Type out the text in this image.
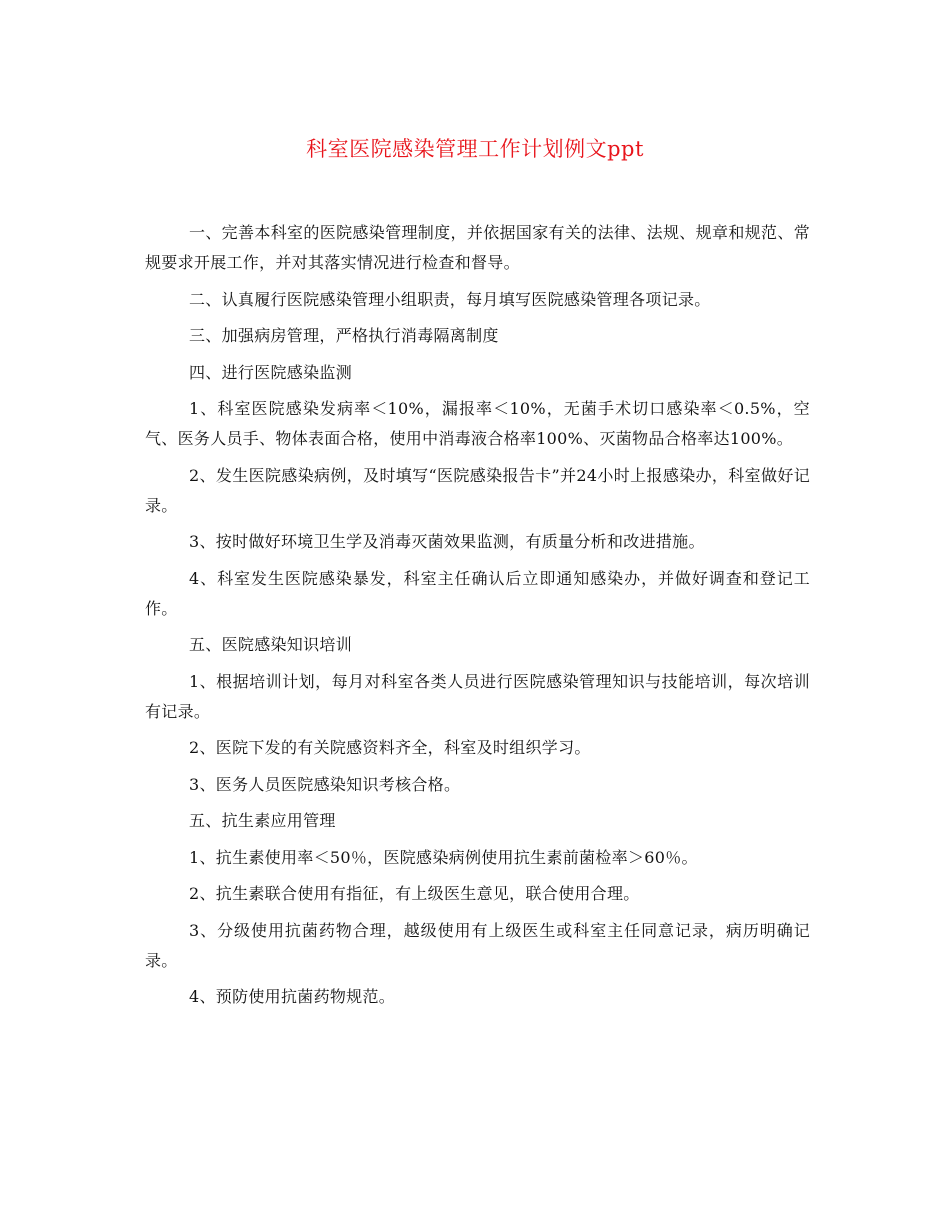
科室医院感染管理工作计划例文ppt

一、完善本科室的医院感染管理制度，并依据国家有关的法律、法规、规章和规范、常规要求开展工作，并对其落实情况进行检查和督导。

二、认真履行医院感染管理小组职责，每月填写医院感染管理各项记录。

三、加强病房管理，严格执行消毒隔离制度

四、进行医院感染监测

1、科室医院感染发病率＜10%，漏报率＜10%，无菌手术切口感染率＜0.5%，空气、医务人员手、物体表面合格，使用中消毒液合格率100%、灭菌物品合格率达100%。

2、发生医院感染病例，及时填写“医院感染报告卡”并24小时上报感染办，科室做好记录。

3、按时做好环境卫生学及消毒灭菌效果监测，有质量分析和改进措施。

4、科室发生医院感染暴发，科室主任确认后立即通知感染办，并做好调查和登记工作。

五、医院感染知识培训

1、根据培训计划，每月对科室各类人员进行医院感染管理知识与技能培训，每次培训有记录。

2、医院下发的有关院感资料齐全，科室及时组织学习。

3、医务人员医院感染知识考核合格。

五、抗生素应用管理

1、抗生素使用率＜50％，医院感染病例使用抗生素前菌检率＞60％。

2、抗生素联合使用有指征，有上级医生意见，联合使用合理。

3、分级使用抗菌药物合理，越级使用有上级医生或科室主任同意记录，病历明确记录。

4、预防使用抗菌药物规范。
